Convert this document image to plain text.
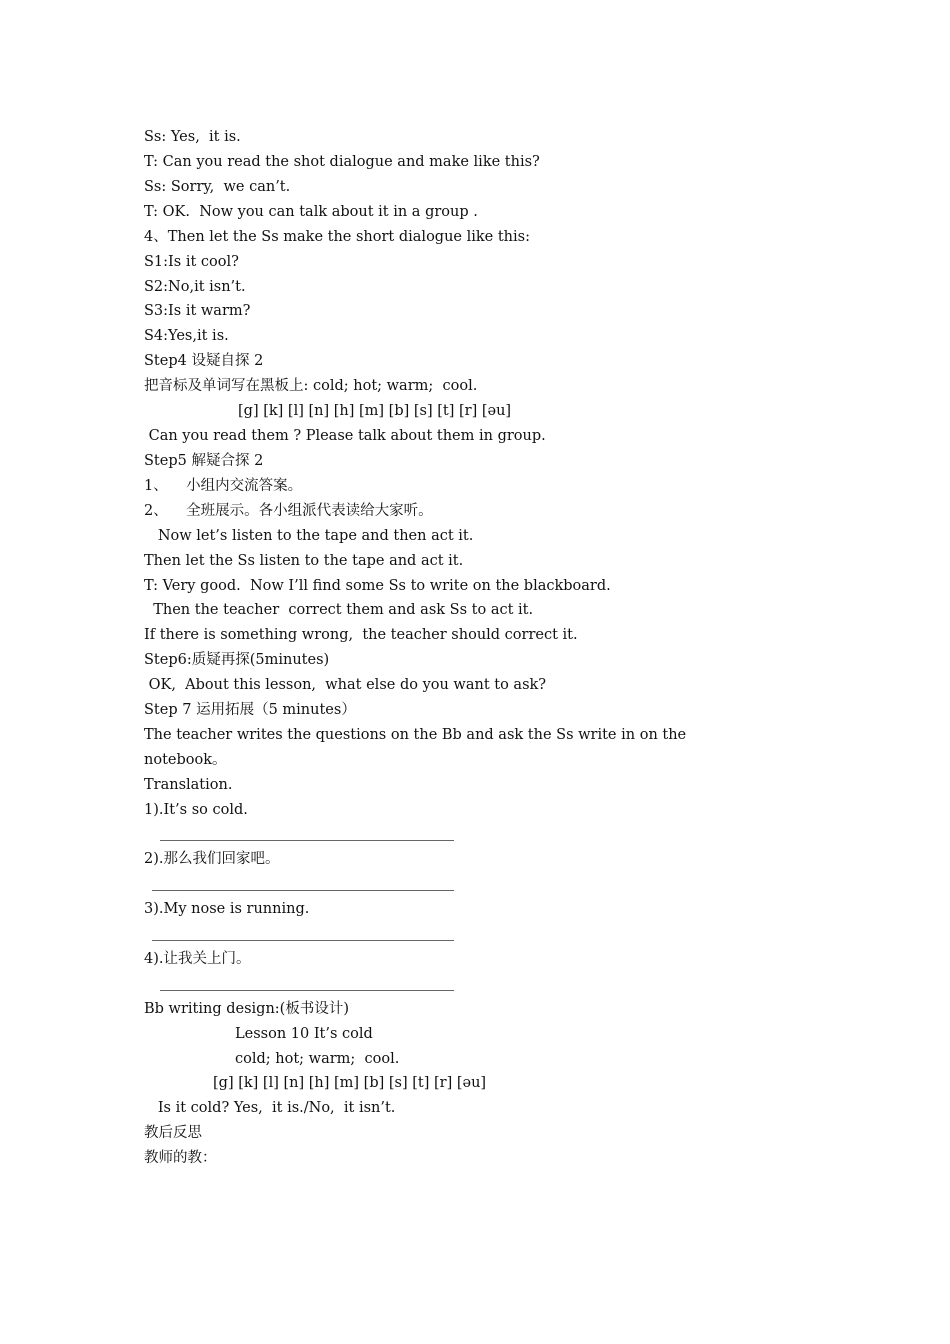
Ss: Yes,  it is.
T: Can you read the shot dialogue and make like this?
Ss: Sorry,  we can’t.
T: OK.  Now you can talk about it in a group .
4、Then let the Ss make the short dialogue like this:
S1:Is it cool?
S2:No,it isn’t.
S3:Is it warm?
S4:Yes,it is.
Step4 设疑自探 2
把音标及单词写在黑板上: cold; hot; warm;  cool.
[g] [k] [l] [n] [h] [m] [b] [s] [t] [r] [əu]
Can you read them ? Please talk about them in group.
Step5 解疑合探 2
1、    小组内交流答案。
2、    全班展示。各小组派代表读给大家听。
Now let’s listen to the tape and then act it.
Then let the Ss listen to the tape and act it.
T: Very good.  Now I’ll find some Ss to write on the blackboard.
Then the teacher  correct them and ask Ss to act it.
If there is something wrong,  the teacher should correct it.
Step6:质疑再探(5minutes)
OK,  About this lesson,  what else do you want to ask?
Step 7 运用拓展（5 minutes）
The teacher writes the questions on the Bb and ask the Ss write in on the
notebook。
Translation.
1).It’s so cold.
2).那么我们回家吧。
3).My nose is running.
4).让我关上门。
Bb writing design:(板书设计)
Lesson 10 It’s cold
cold; hot; warm;  cool.
[g] [k] [l] [n] [h] [m] [b] [s] [t] [r] [əu]
Is it cold? Yes,  it is./No,  it isn’t.
教后反思
教师的教：
